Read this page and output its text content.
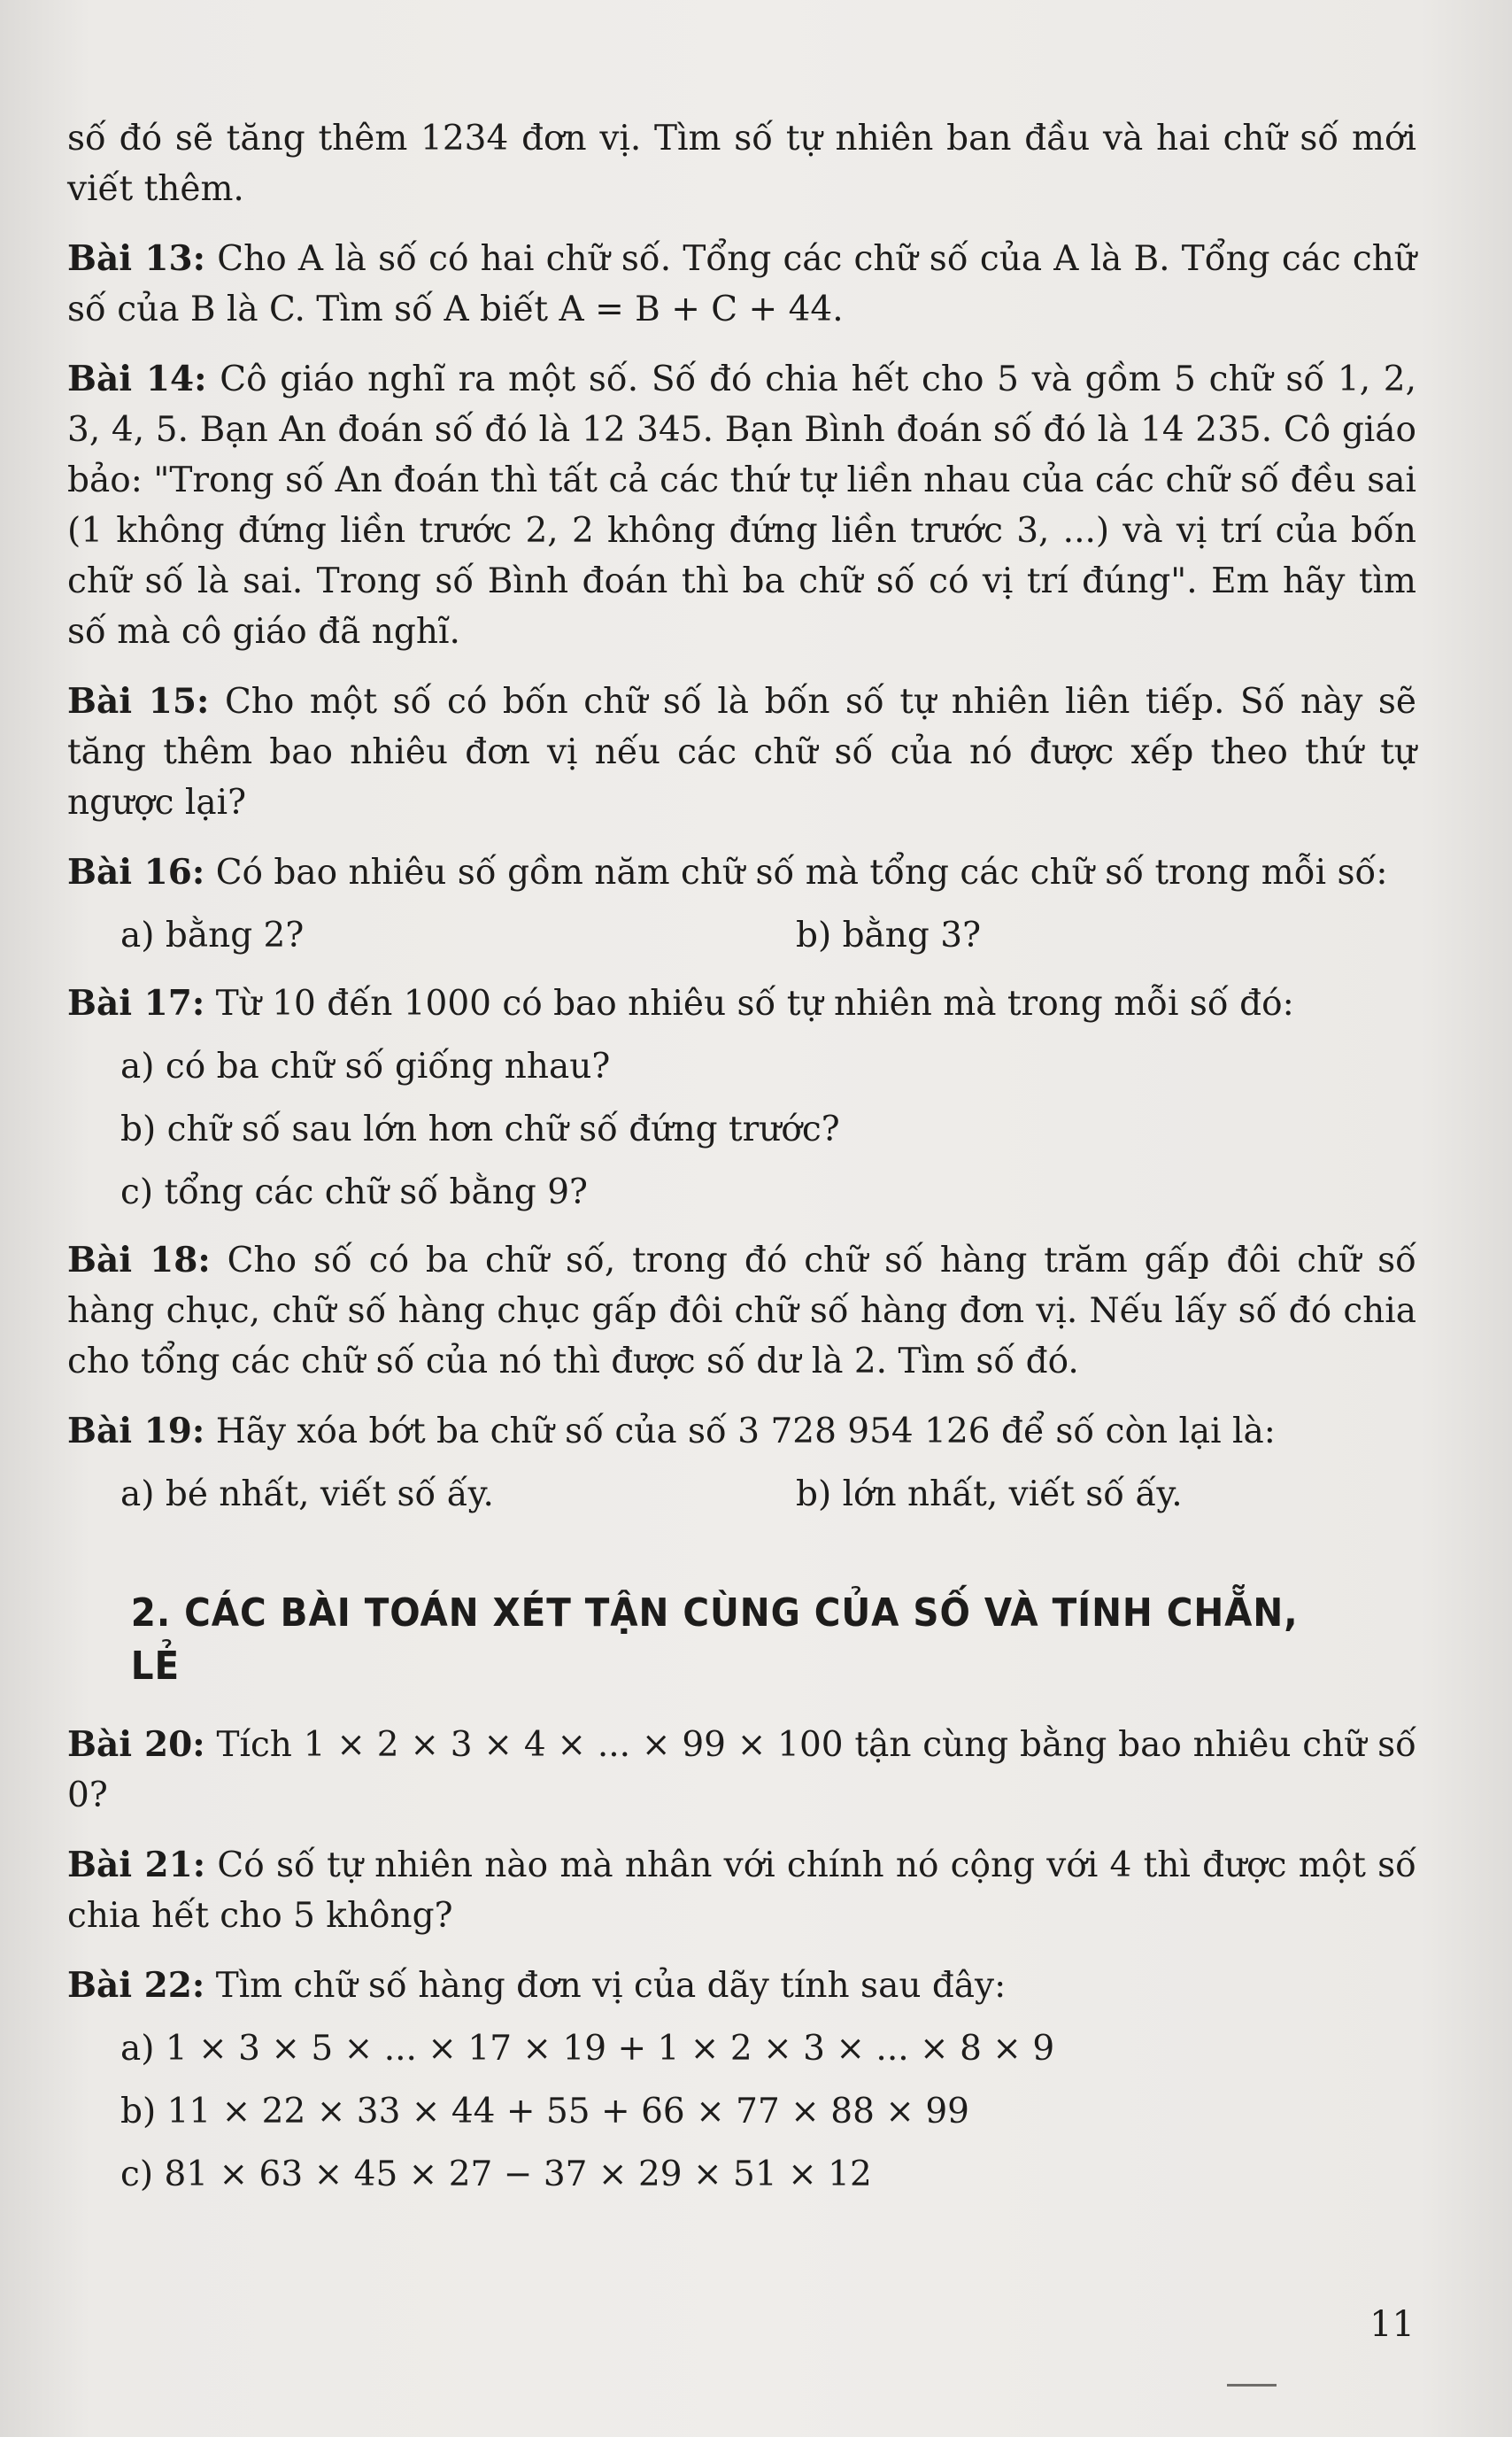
số đó sẽ tăng thêm 1234 đơn vị. Tìm số tự nhiên ban đầu và hai chữ số mới viết thêm.

Bài 13: Cho A là số có hai chữ số. Tổng các chữ số của A là B. Tổng các chữ số của B là C. Tìm số A biết A = B + C + 44.

Bài 14: Cô giáo nghĩ ra một số. Số đó chia hết cho 5 và gồm 5 chữ số 1, 2, 3, 4, 5. Bạn An đoán số đó là 12 345. Bạn Bình đoán số đó là 14 235. Cô giáo bảo: "Trong số An đoán thì tất cả các thứ tự liền nhau của các chữ số đều sai (1 không đứng liền trước 2, 2 không đứng liền trước 3, ...) và vị trí của bốn chữ số là sai. Trong số Bình đoán thì ba chữ số có vị trí đúng". Em hãy tìm số mà cô giáo đã nghĩ.

Bài 15: Cho một số có bốn chữ số là bốn số tự nhiên liên tiếp. Số này sẽ tăng thêm bao nhiêu đơn vị nếu các chữ số của nó được xếp theo thứ tự ngược lại?

Bài 16: Có bao nhiêu số gồm năm chữ số mà tổng các chữ số trong mỗi số:

a) bằng 2?	b) bằng 3?

Bài 17: Từ 10 đến 1000 có bao nhiêu số tự nhiên mà trong mỗi số đó:

a) có ba chữ số giống nhau?

b) chữ số sau lớn hơn chữ số đứng trước?

c) tổng các chữ số bằng 9?

Bài 18: Cho số có ba chữ số, trong đó chữ số hàng trăm gấp đôi chữ số hàng chục, chữ số hàng chục gấp đôi chữ số hàng đơn vị. Nếu lấy số đó chia cho tổng các chữ số của nó thì được số dư là 2. Tìm số đó.

Bài 19: Hãy xóa bớt ba chữ số của số 3 728 954 126 để số còn lại là:

a) bé nhất, viết số ấy.	b) lớn nhất, viết số ấy.
2. CÁC BÀI TOÁN XÉT TẬN CÙNG CỦA SỐ VÀ TÍNH CHẴN, LẺ

Bài 20: Tích 1 × 2 × 3 × 4 × ... × 99 × 100 tận cùng bằng bao nhiêu chữ số 0?

Bài 21: Có số tự nhiên nào mà nhân với chính nó cộng với 4 thì được một số chia hết cho 5 không?

Bài 22: Tìm chữ số hàng đơn vị của dãy tính sau đây:

a) 1 × 3 × 5 × ... × 17 × 19 + 1 × 2 × 3 × ... × 8 × 9

b) 11 × 22 × 33 × 44 + 55 + 66 × 77 × 88 × 99

c) 81 × 63 × 45 × 27 − 37 × 29 × 51 × 12

11
